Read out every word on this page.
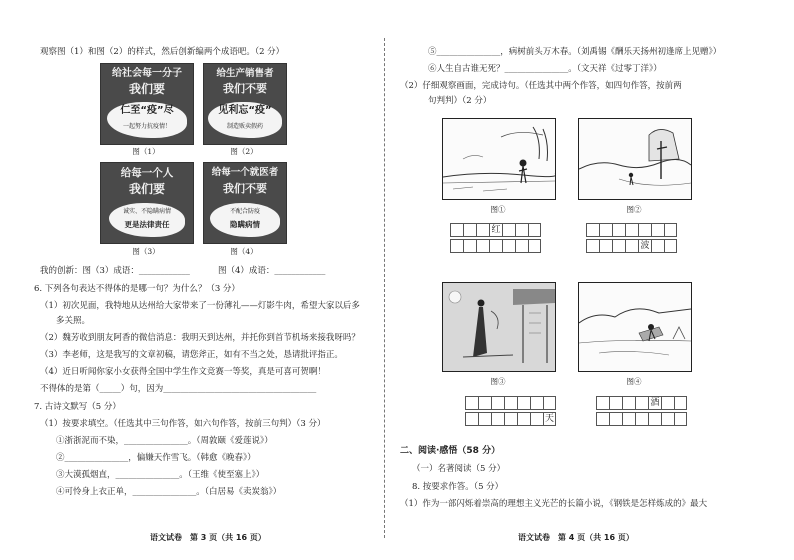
观察图（1）和图（2）的样式，然后创新编两个成语吧。（2 分）
给社会每一分子
我们要
仁至“疫”尽
一起努力抗疫情！
图（1）
给生产销售者
我们不要
见利忘“疫”
制造贩卖假药
图（2）
给每一个人
我们要
诚实、不隐瞒病情
更是法律责任
图（3）
给每一个就医者
我们不要
不配合防疫
隐瞒病情
图（4）
我的创新：图（3）成语：____________	图（4）成语：____________
6. 下列各句表达不得体的是哪一句？为什么？（3 分）
（1）初次见面，我特地从达州给大家带来了一份薄礼——灯影牛肉，希望大家以后多
多关照。
（2）魏芳收到朋友阿香的微信消息：我明天到达州，并托你到首节机场来接我呀吗？
（3）李老师，这是我写的文章初稿，请您斧正，如有不当之处，恳请批评指正。
（4）近日听闻你家小女获得全国中学生作文竞赛一等奖，真是可喜可贺啊！
不得体的是第（_____）句，因为____________________________________
7. 古诗文默写（5 分）
（1）按要求填空。（任选其中三句作答，如六句作答，按前三句判）（3 分）
①浙浙泥而不染，_______________。（周敦颐《爱莲说》）
②_______________，偏嫌天作雪飞。（韩愈《晚春》）
③大漠孤烟直，_______________。（王维《使至塞上》）
④可怜身上衣正单，_______________。（白居易《卖炭翁》）
语文试卷　第 3 页（共 16 页）
⑤_______________，病树前头万木春。（刘禹锡《酬乐天扬州初逢席上见赠》）
⑥人生自古谁无死？_______________。（文天祥《过零丁洋》）
（2）仔细观察画面，完成诗句。（任选其中两个作答，如四句作答，按前两
句判判）（2 分）
图①
红
图②
波
图③
天
图④
酒
二、阅读·感悟（58 分）
（一）名著阅读（5 分）
8. 按要求作答。（5 分）
（1）作为一部闪烁着崇高的理想主义光芒的长篇小说，《钢铁是怎样炼成的》最大
语文试卷　第 4 页（共 16 页）
